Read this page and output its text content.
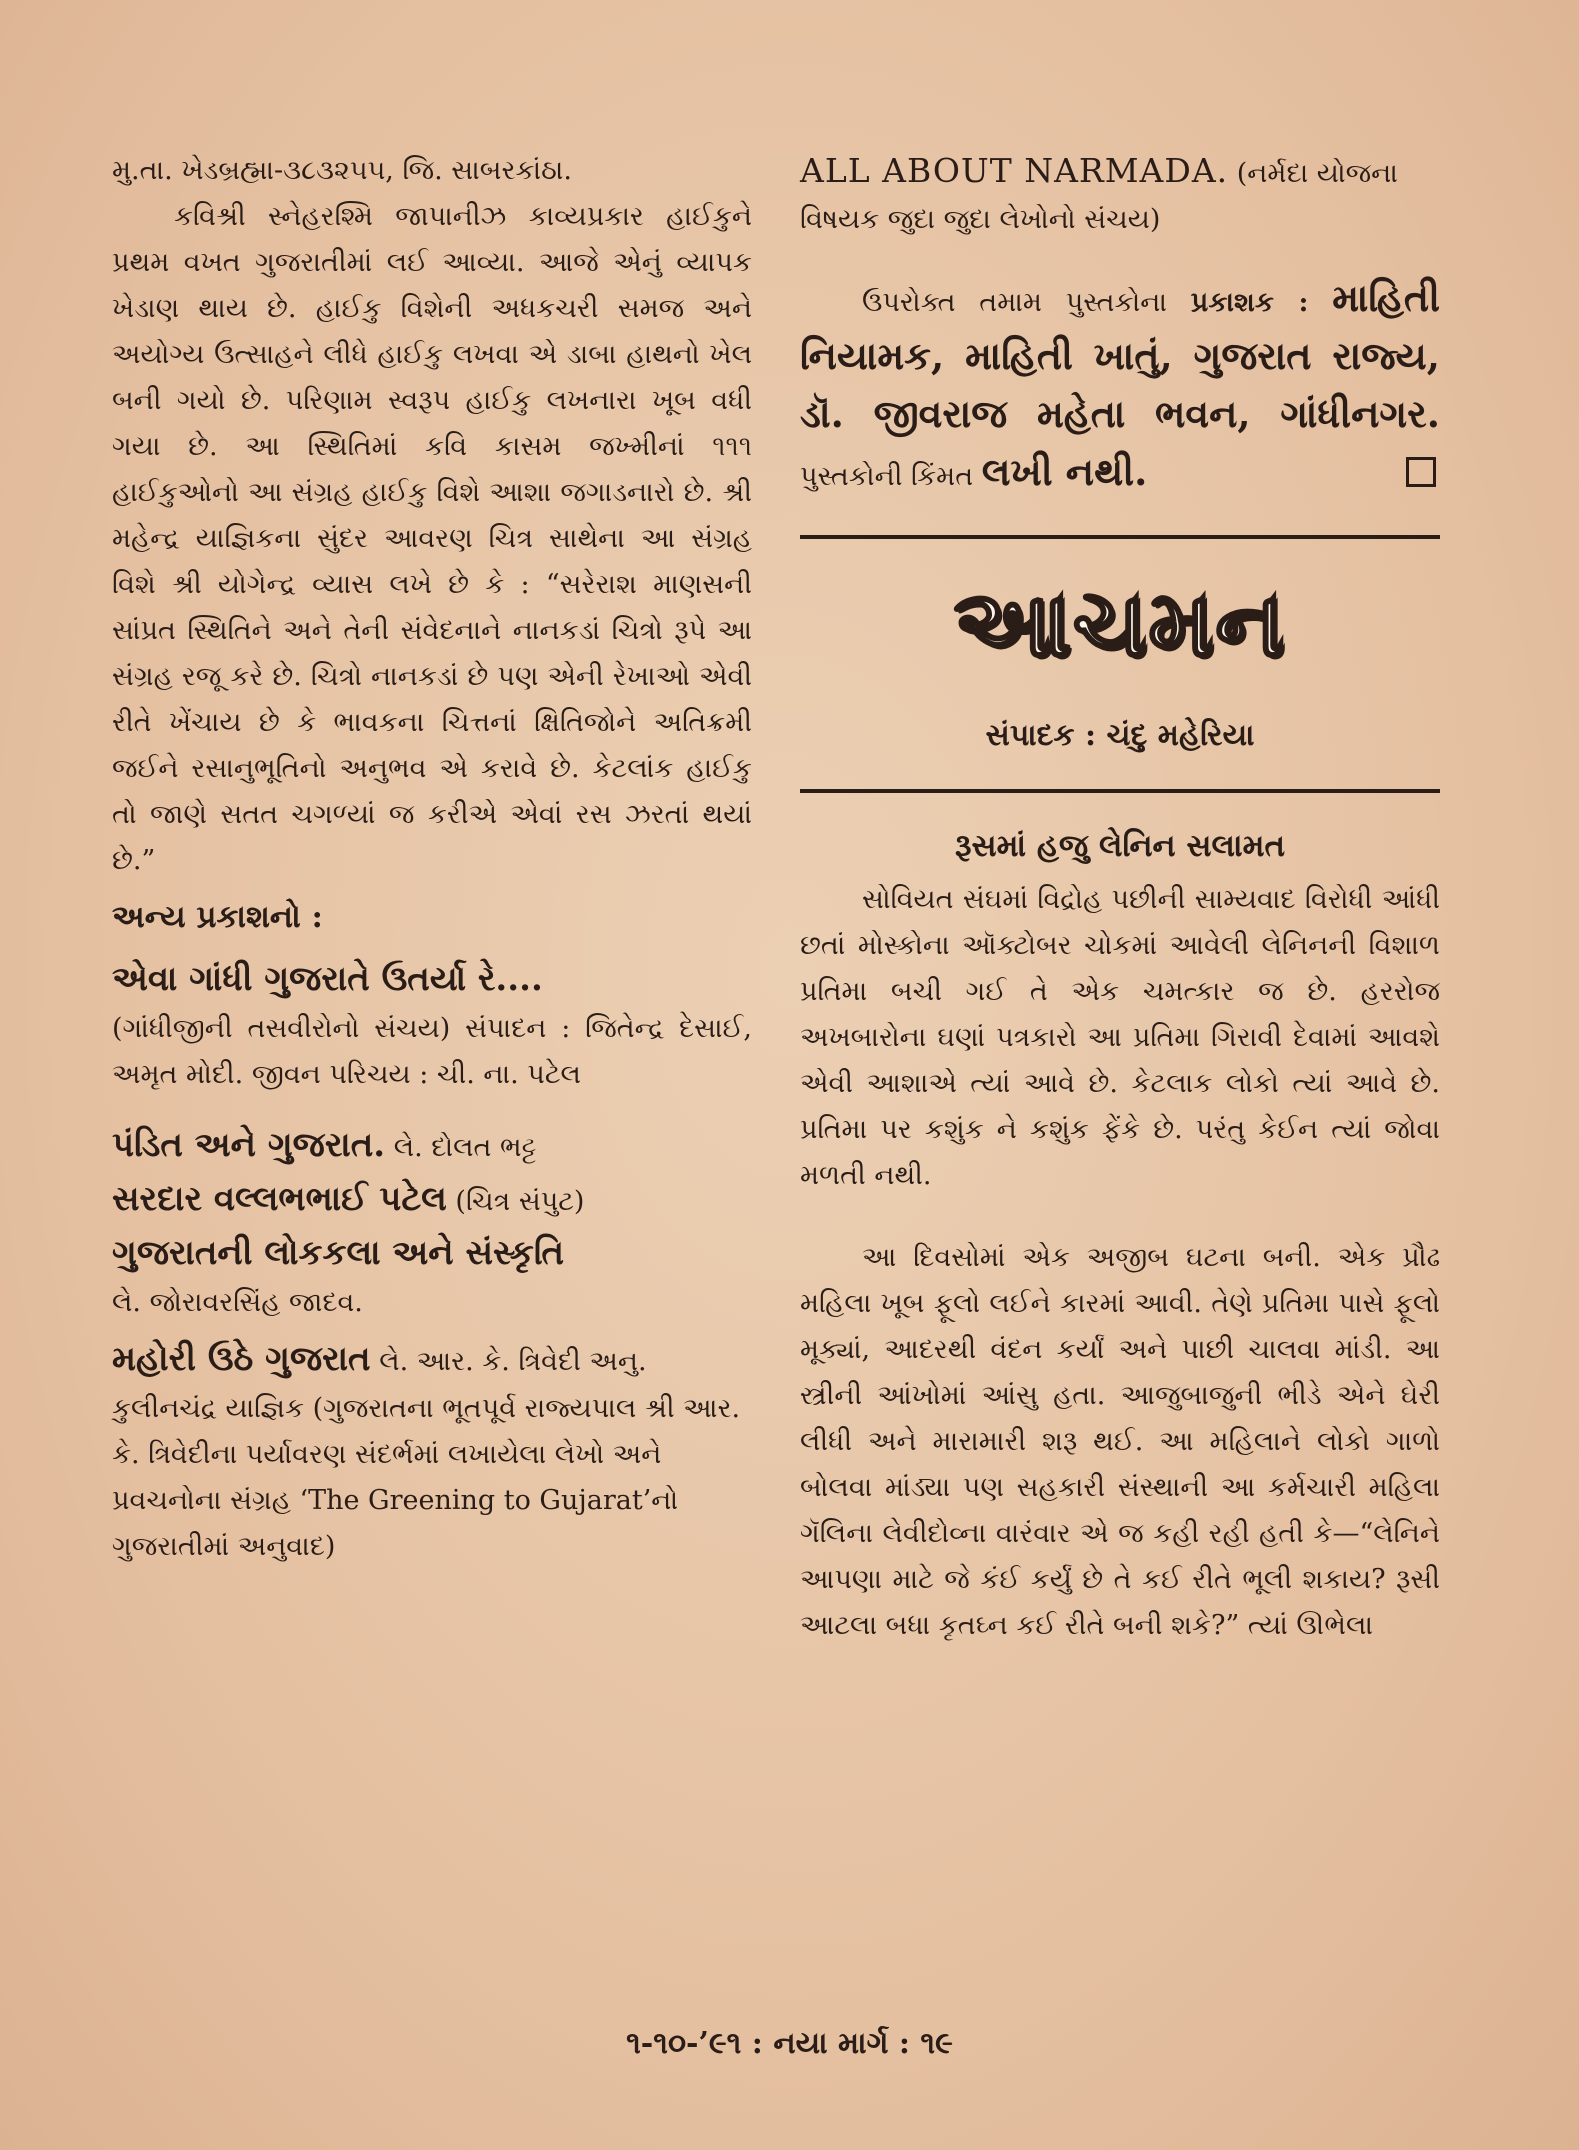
મુ.તા. ખેડબ્રહ્મા-૩૮૩૨૫૫, જિ. સાબરકાંઠા.

કવિશ્રી સ્નેહરશ્મિ જાપાનીઝ કાવ્યપ્રકાર હાઈકુને પ્રથમ વખત ગુજરાતીમાં લઈ આવ્યા. આજે એનું વ્યાપક ખેડાણ થાય છે. હાઈકુ વિશેની અધકચરી સમજ અને અયોગ્ય ઉત્સાહને લીધે હાઈકુ લખવા એ ડાબા હાથનો ખેલ બની ગયો છે. પરિણામ સ્વરૂપ હાઈકુ લખનારા ખૂબ વધી ગયા છે. આ સ્થિતિમાં કવિ કાસમ જખ્મીનાં ૧૧૧ હાઈકુઓનો આ સંગ્રહ હાઈકુ વિશે આશા જગાડનારો છે. શ્રી મહેન્દ્ર યાજ્ઞિકના સુંદર આવરણ ચિત્ર સાથેના આ સંગ્રહ વિશે શ્રી યોગેન્દ્ર વ્યાસ લખે છે કે : “સરેરાશ માણસની સાંપ્રત સ્થિતિને અને તેની સંવેદનાને નાનકડાં ચિત્રો રૂપે આ સંગ્રહ રજૂ કરે છે. ચિત્રો નાનકડાં છે પણ એની રેખાઓ એવી રીતે ખેંચાય છે કે ભાવકના ચિત્તનાં ક્ષિતિજોને અતિક્રમી જઈને રસાનુભૂતિનો અનુભવ એ કરાવે છે. કેટલાંક હાઈકુ તો જાણે સતત ચગળ્યાં જ કરીએ એવાં રસ ઝરતાં થયાં છે.”

અન્ય પ્રકાશનો :
એવા ગાંધી ગુજરાતે ઉતર્યા રે....

(ગાંધીજીની તસવીરોનો સંચય) સંપાદન : જિતેન્દ્ર દેસાઈ, અમૃત મોદી. જીવન પરિચય : ચી. ના. પટેલ

પંડિત અને ગુજરાત. લે. દોલત ભટ્ટ
સરદાર વલ્લભભાઈ પટેલ (ચિત્ર સંપુટ)
ગુજરાતની લોકકલા અને સંસ્કૃતિ
લે. જોરાવરસિંહ જાદવ.
મહોરી ઉઠે ગુજરાત લે. આર. કે. ત્રિવેદી અનુ. કુલીનચંદ્ર યાજ્ઞિક (ગુજરાતના ભૂતપૂર્વ રાજ્યપાલ શ્રી આર. કે. ત્રિવેદીના પર્યાવરણ સંદર્ભમાં લખાયેલા લેખો અને પ્રવચનોના સંગ્રહ ‘The Greening to Gujarat’નો ગુજરાતીમાં અનુવાદ)

ALL ABOUT NARMADA. (નર્મદા યોજના વિષયક જુદા જુદા લેખોનો સંચય)

ઉપરોક્ત તમામ પુસ્તકોના પ્રકાશક : માહિતી નિયામક, માહિતી ખાતું, ગુજરાત રાજ્ય, ડૉ. જીવરાજ મહેતા ભવન, ગાંધીનગર. પુસ્તકોની કિંમત લખી નથી.

આચમન
સંપાદક : ચંદુ મહેરિયા
રૂસમાં હજુ લેનિન સલામત

સોવિયત સંઘમાં વિદ્રોહ પછીની સામ્યવાદ વિરોધી આંધી છતાં મોસ્કોના ઑક્ટોબર ચોકમાં આવેલી લેનિનની વિશાળ પ્રતિમા બચી ગઈ તે એક ચમત્કાર જ છે. હરરોજ અખબારોના ઘણાં પત્રકારો આ પ્રતિમા ગિરાવી દેવામાં આવશે એવી આશાએ ત્યાં આવે છે. કેટલાક લોકો ત્યાં આવે છે. પ્રતિમા પર કશુંક ને કશુંક ફેંકે છે. પરંતુ કેઈન ત્યાં જોવા મળતી નથી.

આ દિવસોમાં એક અજીબ ઘટના બની. એક પ્રૌઢ મહિલા ખૂબ ફૂલો લઈને કારમાં આવી. તેણે પ્રતિમા પાસે ફૂલો મૂક્યાં, આદરથી વંદન કર્યાં અને પાછી ચાલવા માંડી. આ સ્ત્રીની આંખોમાં આંસુ હતા. આજુબાજુની ભીડે એને ઘેરી લીધી અને મારામારી શરૂ થઈ. આ મહિલાને લોકો ગાળો બોલવા માંડ્યા પણ સહકારી સંસ્થાની આ કર્મચારી મહિલા ગૅલિના લેવીદોવ્ના વારંવાર એ જ કહી રહી હતી કે—“લેનિને આપણા માટે જે કંઈ કર્યું છે તે કઈ રીતે ભૂલી શકાય? રૂસી આટલા બધા કૃતઘ્ન કઈ રીતે બની શકે?” ત્યાં ઊભેલા

૧-૧૦-’૯૧ : નયા માર્ગ : ૧૯
